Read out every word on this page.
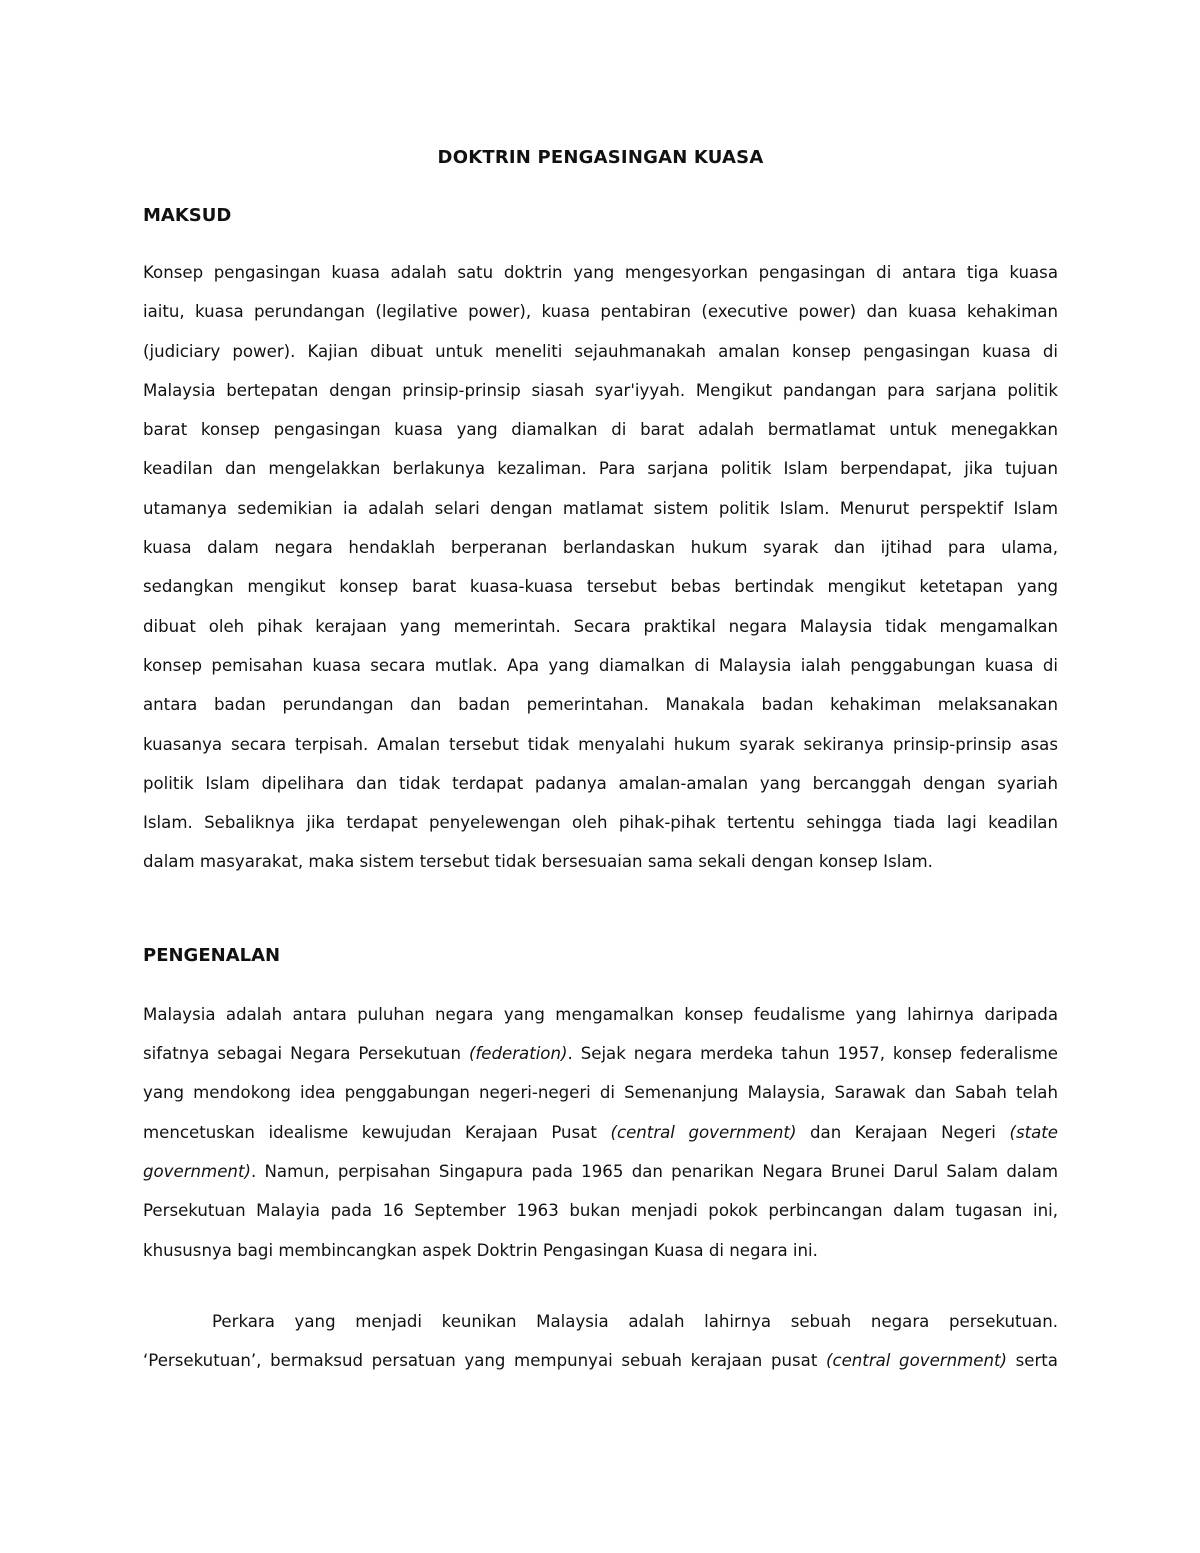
DOKTRIN PENGASINGAN KUASA
MAKSUD

Konsep pengasingan kuasa adalah satu doktrin yang mengesyorkan pengasingan di antara tiga kuasa
iaitu, kuasa perundangan (legilative power), kuasa pentabiran (executive power) dan kuasa kehakiman
(judiciary power). Kajian dibuat untuk meneliti sejauhmanakah amalan konsep pengasingan kuasa di
Malaysia bertepatan dengan prinsip-prinsip siasah syar'iyyah. Mengikut pandangan para sarjana politik
barat konsep pengasingan kuasa yang diamalkan di barat adalah bermatlamat untuk menegakkan
keadilan dan mengelakkan berlakunya kezaliman. Para sarjana politik Islam berpendapat, jika tujuan
utamanya sedemikian ia adalah selari dengan matlamat sistem politik Islam. Menurut perspektif Islam
kuasa dalam negara hendaklah berperanan berlandaskan hukum syarak dan ijtihad para ulama,
sedangkan mengikut konsep barat kuasa-kuasa tersebut bebas bertindak mengikut ketetapan yang
dibuat oleh pihak kerajaan yang memerintah. Secara praktikal negara Malaysia tidak mengamalkan
konsep pemisahan kuasa secara mutlak. Apa yang diamalkan di Malaysia ialah penggabungan kuasa di
antara badan perundangan dan badan pemerintahan. Manakala badan kehakiman melaksanakan
kuasanya secara terpisah. Amalan tersebut tidak menyalahi hukum syarak sekiranya prinsip-prinsip asas
politik Islam dipelihara dan tidak terdapat padanya amalan-amalan yang bercanggah dengan syariah
Islam. Sebaliknya jika terdapat penyelewengan oleh pihak-pihak tertentu sehingga tiada lagi keadilan
dalam masyarakat, maka sistem tersebut tidak bersesuaian sama sekali dengan konsep Islam.

PENGENALAN

Malaysia adalah antara puluhan negara yang mengamalkan konsep feudalisme yang lahirnya daripada
sifatnya sebagai Negara Persekutuan (federation). Sejak negara merdeka tahun 1957, konsep federalisme
yang mendokong idea penggabungan negeri-negeri di Semenanjung Malaysia, Sarawak dan Sabah telah
mencetuskan idealisme kewujudan Kerajaan Pusat (central government) dan Kerajaan Negeri (state
government). Namun, perpisahan Singapura pada 1965 dan penarikan Negara Brunei Darul Salam dalam
Persekutuan Malayia pada 16 September 1963 bukan menjadi pokok perbincangan dalam tugasan ini,
khususnya bagi membincangkan aspek Doktrin Pengasingan Kuasa di negara ini.

Perkara yang menjadi keunikan Malaysia adalah lahirnya sebuah negara persekutuan.
‘Persekutuan’, bermaksud persatuan yang mempunyai sebuah kerajaan pusat (central government) serta
